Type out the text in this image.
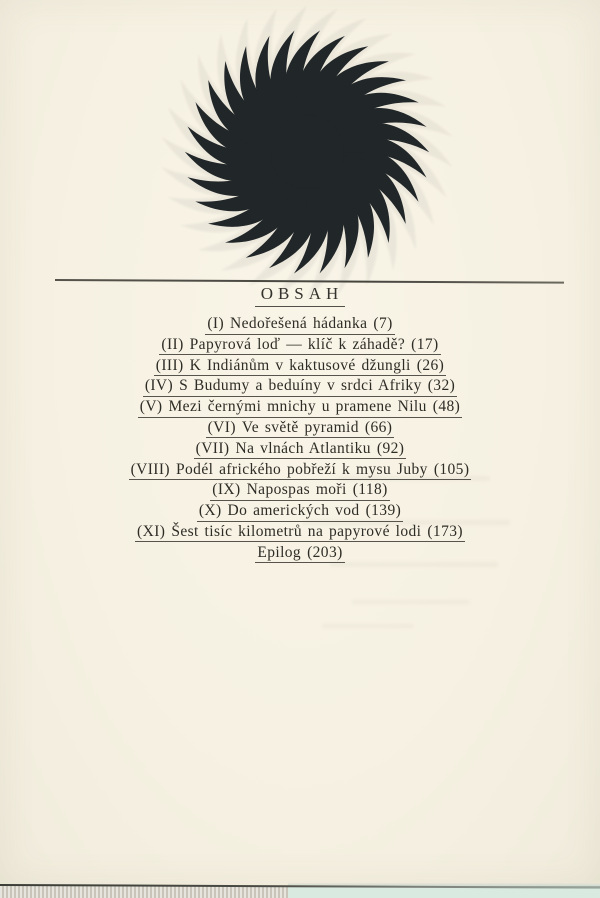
OBSAH
(I) Nedořešená hádanka (7)
(II) Papyrová loď — klíč k záhadě? (17)
(III) K Indiánům v kaktusové džungli (26)
(IV) S Budumy a beduíny v srdci Afriky (32)
(V) Mezi černými mnichy u pramene Nilu (48)
(VI) Ve světě pyramid (66)
(VII) Na vlnách Atlantiku (92)
(VIII) Podél afrického pobřeží k mysu Juby (105)
(IX) Napospas moři (118)
(X) Do amerických vod (139)
(XI) Šest tisíc kilometrů na papyrové lodi (173)
Epilog (203)
